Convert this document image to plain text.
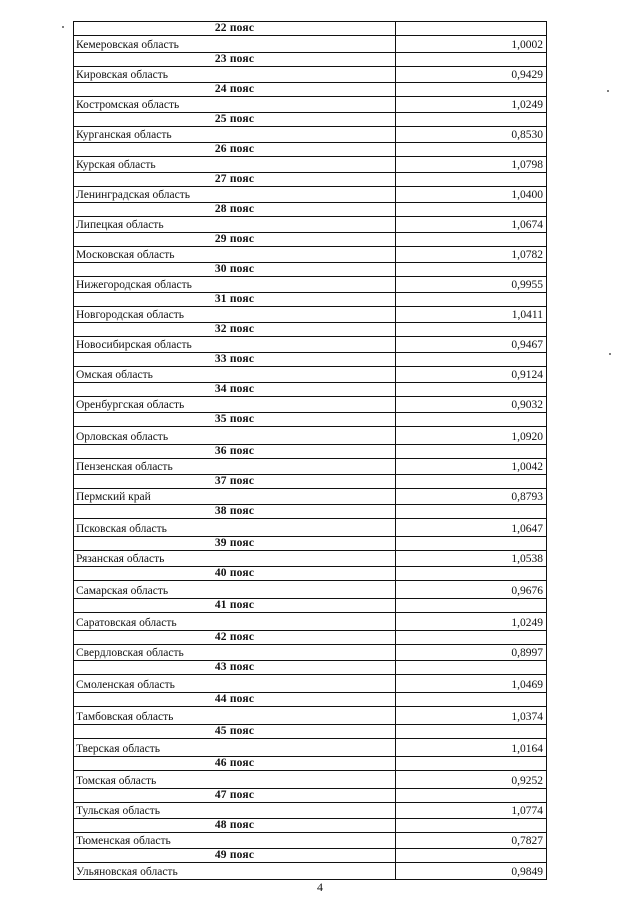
22 пояс
Кемеровская область	1,0002
23 пояс
Кировская область	0,9429
24 пояс
Костромская область	1,0249
25 пояс
Курганская область	0,8530
26 пояс
Курская область	1,0798
27 пояс
Ленинградская область	1,0400
28 пояс
Липецкая область	1,0674
29 пояс
Московская область	1,0782
30 пояс
Нижегородская область	0,9955
31 пояс
Новгородская область	1,0411
32 пояс
Новосибирская область	0,9467
33 пояс
Омская область	0,9124
34 пояс
Оренбургская область	0,9032
35 пояс
Орловская область	1,0920
36 пояс
Пензенская область	1,0042
37 пояс
Пермский край	0,8793
38 пояс
Псковская область	1,0647
39 пояс
Рязанская область	1,0538
40 пояс
Самарская область	0,9676
41 пояс
Саратовская область	1,0249
42 пояс
Свердловская область	0,8997
43 пояс
Смоленская область	1,0469
44 пояс
Тамбовская область	1,0374
45 пояс
Тверская область	1,0164
46 пояс
Томская область	0,9252
47 пояс
Тульская область	1,0774
48 пояс
Тюменская область	0,7827
49 пояс
Ульяновская область	0,9849
4
